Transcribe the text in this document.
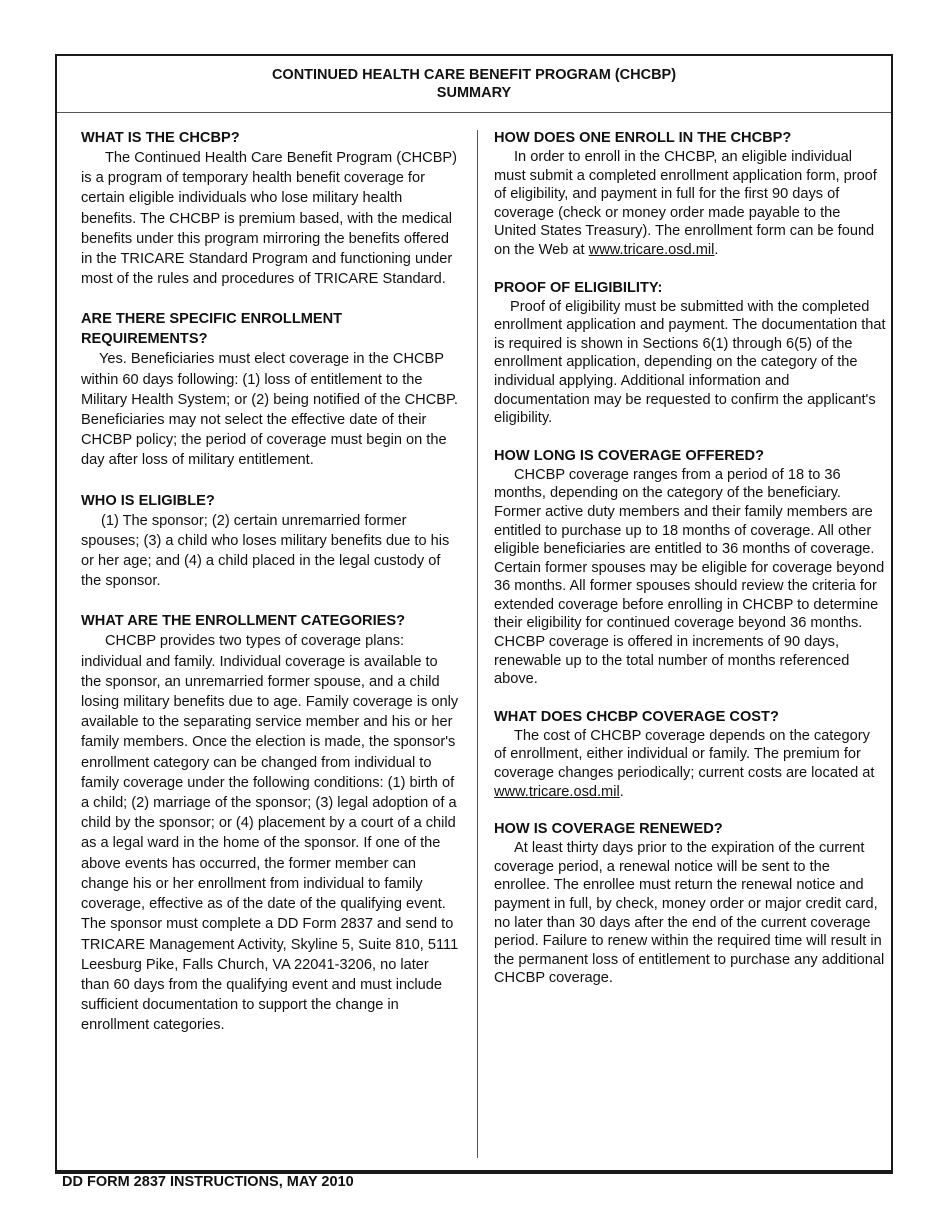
CONTINUED HEALTH CARE BENEFIT PROGRAM (CHCBP)
SUMMARY
WHAT IS THE CHCBP?

The Continued Health Care Benefit Program (CHCBP) is a program of temporary health benefit coverage for certain eligible individuals who lose military health benefits. The CHCBP is premium based, with the medical benefits under this program mirroring the benefits offered in the TRICARE Standard Program and functioning under most of the rules and procedures of TRICARE Standard.

ARE THERE SPECIFIC ENROLLMENT REQUIREMENTS?

Yes. Beneficiaries must elect coverage in the CHCBP within 60 days following: (1) loss of entitlement to the Military Health System; or (2) being notified of the CHCBP. Beneficiaries may not select the effective date of their CHCBP policy; the period of coverage must begin on the day after loss of military entitlement.

WHO IS ELIGIBLE?

(1) The sponsor; (2) certain unremarried former spouses; (3) a child who loses military benefits due to his or her age; and (4) a child placed in the legal custody of the sponsor.

WHAT ARE THE ENROLLMENT CATEGORIES?

CHCBP provides two types of coverage plans: individual and family. Individual coverage is available to the sponsor, an unremarried former spouse, and a child losing military benefits due to age. Family coverage is only available to the separating service member and his or her family members. Once the election is made, the sponsor's enrollment category can be changed from individual to family coverage under the following conditions: (1) birth of a child; (2) marriage of the sponsor; (3) legal adoption of a child by the sponsor; or (4) placement by a court of a child as a legal ward in the home of the sponsor. If one of the above events has occurred, the former member can change his or her enrollment from individual to family coverage, effective as of the date of the qualifying event. The sponsor must complete a DD Form 2837 and send to TRICARE Management Activity, Skyline 5, Suite 810, 5111 Leesburg Pike, Falls Church, VA 22041-3206, no later than 60 days from the qualifying event and must include sufficient documentation to support the change in enrollment categories.

HOW DOES ONE ENROLL IN THE CHCBP?

In order to enroll in the CHCBP, an eligible individual must submit a completed enrollment application form, proof of eligibility, and payment in full for the first 90 days of coverage (check or money order made payable to the United States Treasury). The enrollment form can be found on the Web at www.tricare.osd.mil.

PROOF OF ELIGIBILITY:

Proof of eligibility must be submitted with the completed enrollment application and payment. The documentation that is required is shown in Sections 6(1) through 6(5) of the enrollment application, depending on the category of the individual applying. Additional information and documentation may be requested to confirm the applicant's eligibility.

HOW LONG IS COVERAGE OFFERED?

CHCBP coverage ranges from a period of 18 to 36 months, depending on the category of the beneficiary. Former active duty members and their family members are entitled to purchase up to 18 months of coverage. All other eligible beneficiaries are entitled to 36 months of coverage. Certain former spouses may be eligible for coverage beyond 36 months. All former spouses should review the criteria for extended coverage before enrolling in CHCBP to determine their eligibility for continued coverage beyond 36 months. CHCBP coverage is offered in increments of 90 days, renewable up to the total number of months referenced above.

WHAT DOES CHCBP COVERAGE COST?

The cost of CHCBP coverage depends on the category of enrollment, either individual or family. The premium for coverage changes periodically; current costs are located at www.tricare.osd.mil.

HOW IS COVERAGE RENEWED?

At least thirty days prior to the expiration of the current coverage period, a renewal notice will be sent to the enrollee. The enrollee must return the renewal notice and payment in full, by check, money order or major credit card, no later than 30 days after the end of the current coverage period. Failure to renew within the required time will result in the permanent loss of entitlement to purchase any additional CHCBP coverage.

DD FORM 2837 INSTRUCTIONS, MAY 2010
